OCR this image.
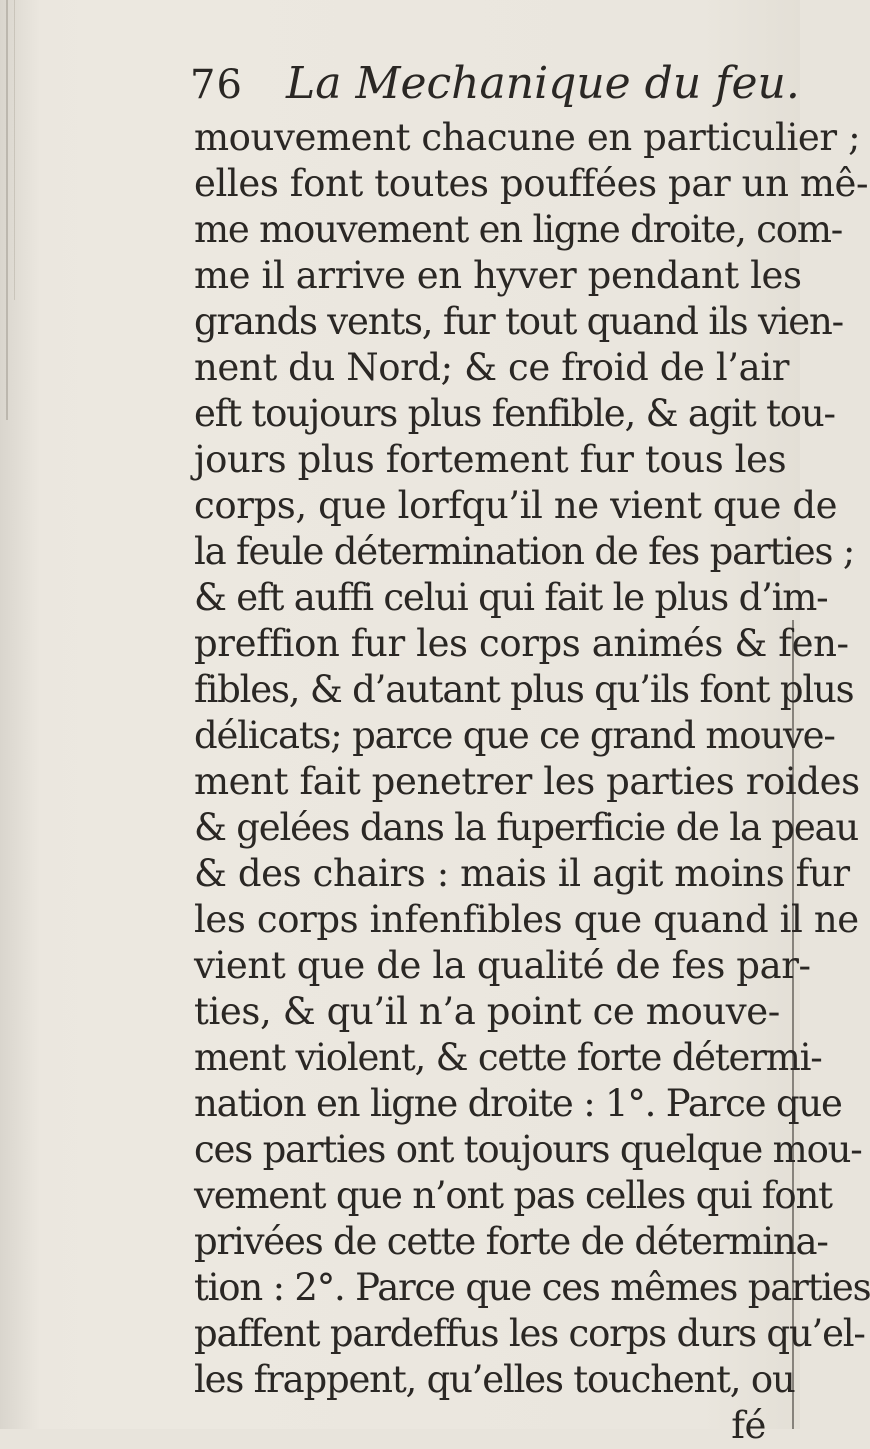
76 La Mechanique du feu.
mouvement chacune en particulier ;
elles font toutes pouffées par un mê-
me mouvement en ligne droite, com-
me il arrive en hyver pendant les
grands vents, fur tout quand ils vien-
nent du Nord; & ce froid de l’air
eft toujours plus fenfible, & agit tou-
jours plus fortement fur tous les
corps, que lorfqu’il ne vient que de
la feule détermination de fes parties ;
& eft auffi celui qui fait le plus d’im-
preffion fur les corps animés & fen-
fibles, & d’autant plus qu’ils font plus
délicats; parce que ce grand mouve-
ment fait penetrer les parties roides
& gelées dans la fuperficie de la peau
& des chairs : mais il agit moins fur
les corps infenfibles que quand il ne
vient que de la qualité de fes par-
ties, & qu’il n’a point ce mouve-
ment violent, & cette forte détermi-
nation en ligne droite : 1°. Parce que
ces parties ont toujours quelque mou-
vement que n’ont pas celles qui font
privées de cette forte de détermina-
tion : 2°. Parce que ces mêmes parties
paffent pardeffus les corps durs qu’el-
les frappent, qu’elles touchent, ou
fé
